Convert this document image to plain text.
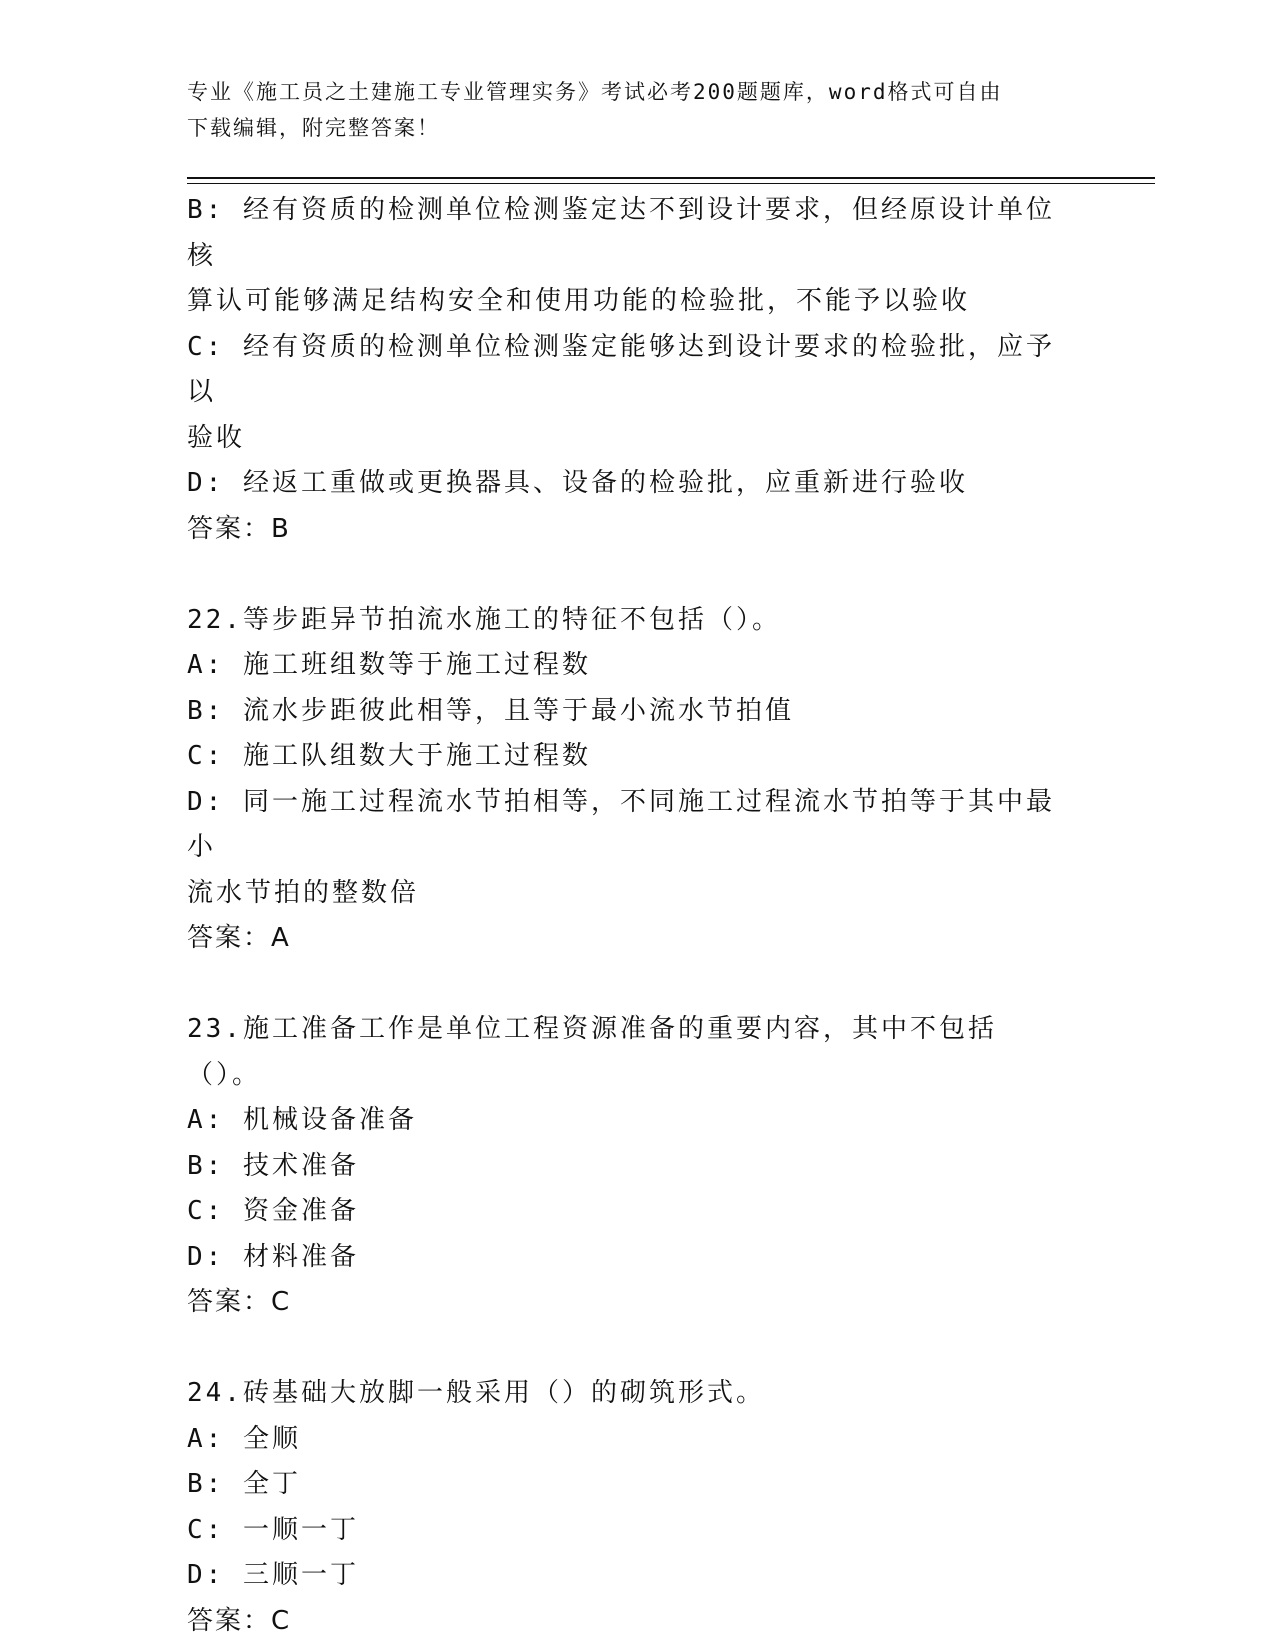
专业《施工员之土建施工专业管理实务》考试必考200题题库，word格式可自由

下载编辑，附完整答案！

B: 经有资质的检测单位检测鉴定达不到设计要求，但经原设计单位核

算认可能够满足结构安全和使用功能的检验批，不能予以验收

C: 经有资质的检测单位检测鉴定能够达到设计要求的检验批，应予以

验收

D: 经返工重做或更换器具、设备的检验批，应重新进行验收

答案：B

22.等步距异节拍流水施工的特征不包括（）。

A: 施工班组数等于施工过程数

B: 流水步距彼此相等，且等于最小流水节拍值

C: 施工队组数大于施工过程数

D: 同一施工过程流水节拍相等，不同施工过程流水节拍等于其中最小

流水节拍的整数倍

答案：A

23.施工准备工作是单位工程资源准备的重要内容，其中不包括（）。

A: 机械设备准备

B: 技术准备

C: 资金准备

D: 材料准备

答案：C

24.砖基础大放脚一般采用（）的砌筑形式。

A: 全顺

B: 全丁

C: 一顺一丁

D: 三顺一丁

答案：C
